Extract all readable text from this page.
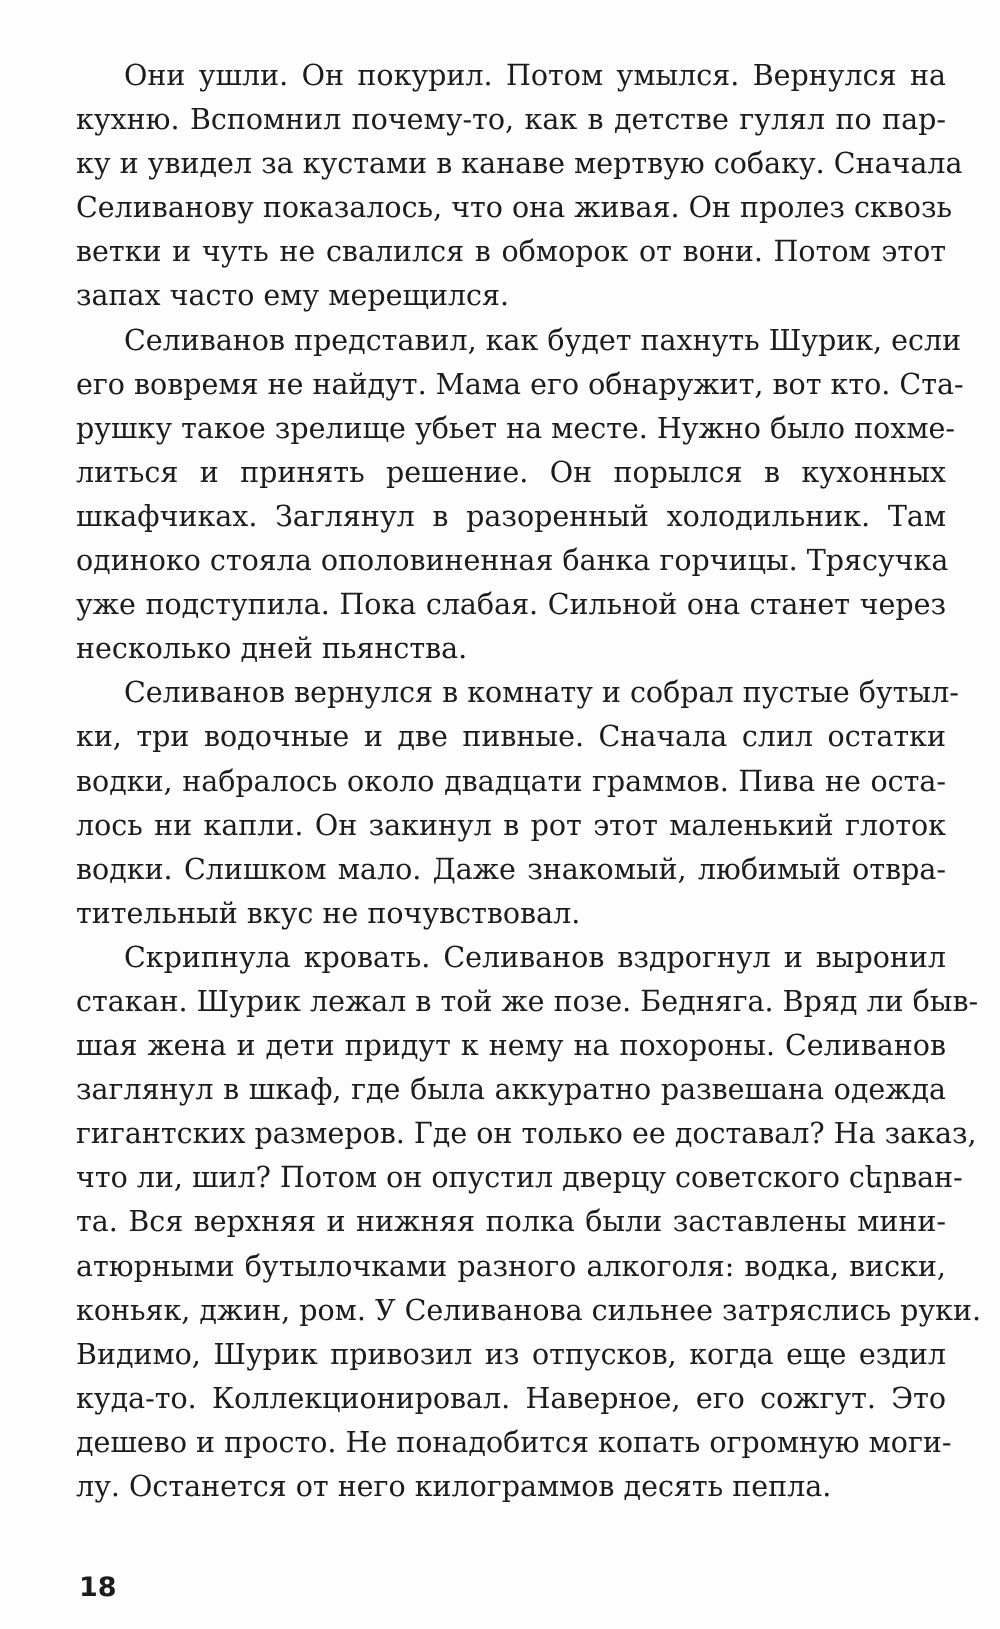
Они ушли. Он покурил. Потом умылся. Вернулся на
кухню. Вспомнил почему-то, как в детстве гулял по пар-
ку и увидел за кустами в канаве мертвую собаку. Сначала
Селиванову показалось, что она живая. Он пролез сквозь
ветки и чуть не свалился в обморок от вони. Потом этот
запах часто ему мерещился.

Селиванов представил, как будет пахнуть Шурик, если
его вовремя не найдут. Мама его обнаружит, вот кто. Ста-
рушку такое зрелище убьет на месте. Нужно было похме-
литься и принять решение. Он порылся в кухонных
шкафчиках. Заглянул в разоренный холодильник. Там
одиноко стояла ополовиненная банка горчицы. Трясучка
уже подступила. Пока слабая. Сильной она станет через
несколько дней пьянства.

Селиванов вернулся в комнату и собрал пустые бутыл-
ки, три водочные и две пивные. Сначала слил остатки
водки, набралось около двадцати граммов. Пива не оста-
лось ни капли. Он закинул в рот этот маленький глоток
водки. Слишком мало. Даже знакомый, любимый отвра-
тительный вкус не почувствовал.

Скрипнула кровать. Селиванов вздрогнул и выронил
стакан. Шурик лежал в той же позе. Бедняга. Вряд ли быв-
шая жена и дети придут к нему на похороны. Селиванов
заглянул в шкаф, где была аккуратно развешана одежда
гигантских размеров. Где он только ее доставал? На заказ,
что ли, шил? Потом он опустил дверцу советского сերван-
та. Вся верхняя и нижняя полка были заставлены мини-
атюрными бутылочками разного алкоголя: водка, виски,
коньяк, джин, ром. У Селиванова сильнее затряслись руки.
Видимо, Шурик привозил из отпусков, когда еще ездил
куда-то. Коллекционировал. Наверное, его сожгут. Это
дешево и просто. Не понадобится копать огромную моги-
лу. Останется от него килограммов десять пепла.

18
